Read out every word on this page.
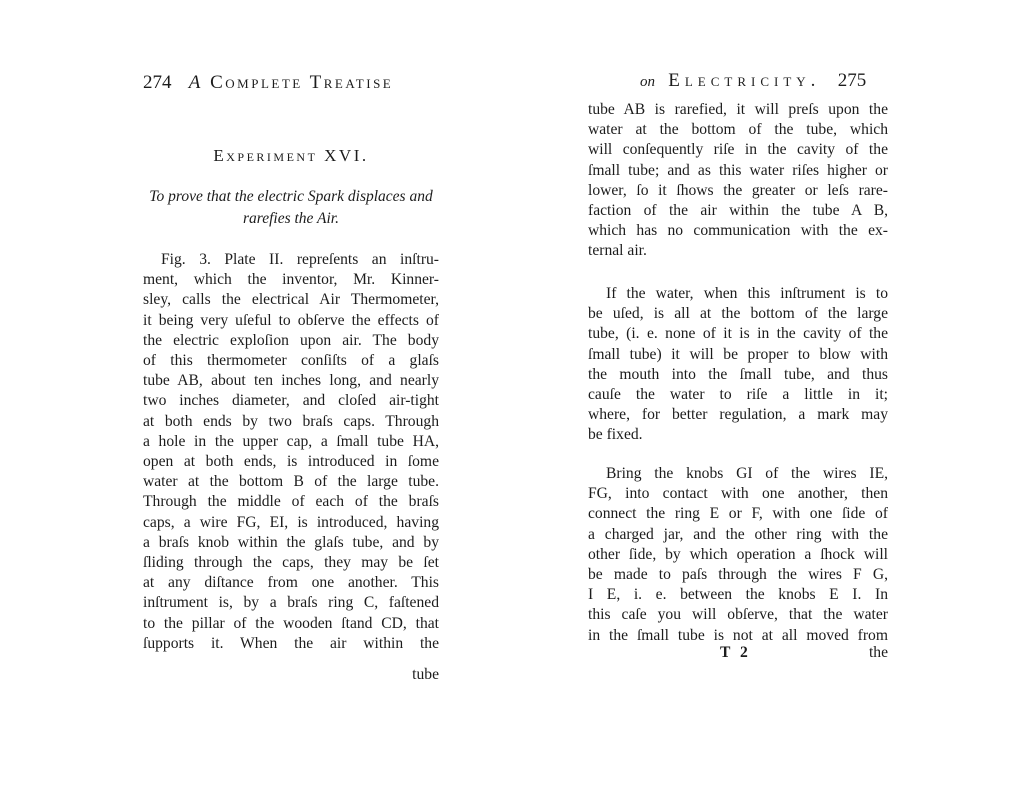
274 A Complete Treatise
Experiment XVI.
To prove that the electric Spark displaces and
rarefies the Air.
Fig. 3. Plate II. repreſents an inſtru-
ment, which the inventor, Mr. Kinner-
sley, calls the electrical Air Thermometer,
it being very uſeful to obſerve the effects of
the electric exploſion upon air. The body
of this thermometer conſiſts of a glaſs
tube AB, about ten inches long, and nearly
two inches diameter, and cloſed air-tight
at both ends by two braſs caps. Through
a hole in the upper cap, a ſmall tube HA,
open at both ends, is introduced in ſome
water at the bottom B of the large tube.
Through the middle of each of the braſs
caps, a wire FG, EI, is introduced, having
a braſs knob within the glaſs tube, and by
ſliding through the caps, they may be ſet
at any diſtance from one another. This
inſtrument is, by a braſs ring C, faſtened
to the pillar of the wooden ſtand CD, that
ſupports it. When the air within the
tube
on Electricity. 275
tube AB is rarefied, it will preſs upon the
water at the bottom of the tube, which
will conſequently riſe in the cavity of the
ſmall tube; and as this water riſes higher or
lower, ſo it ſhows the greater or leſs rare-
faction of the air within the tube A B,
which has no communication with the ex-
ternal air.
If the water, when this inſtrument is to
be uſed, is all at the bottom of the large
tube, (i. e. none of it is in the cavity of the
ſmall tube) it will be proper to blow with
the mouth into the ſmall tube, and thus
cauſe the water to riſe a little in it;
where, for better regulation, a mark may
be fixed.
Bring the knobs GI of the wires IE,
FG, into contact with one another, then
connect the ring E or F, with one ſide of
a charged jar, and the other ring with the
other ſide, by which operation a ſhock will
be made to paſs through the wires F G,
I E, i. e. between the knobs E I. In
this caſe you will obſerve, that the water
in the ſmall tube is not at all moved from
T 2	the
